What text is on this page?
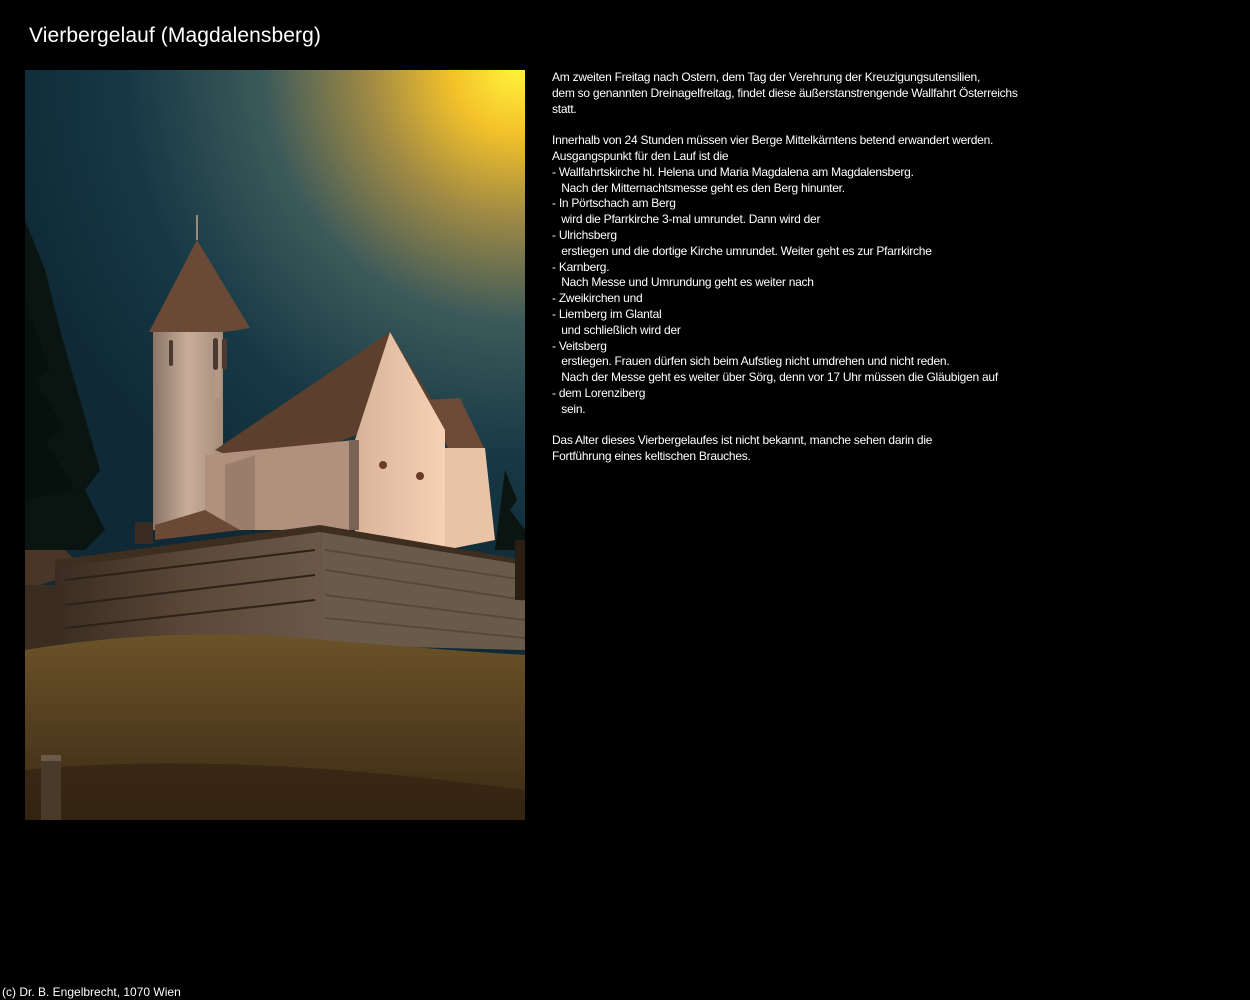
Vierbergelauf (Magdalensberg)

Am zweiten Freitag nach Ostern, dem Tag der Verehrung der Kreuzigungsutensilien,
dem so genannten Dreinagelfreitag, findet diese äußerstanstrengende Wallfahrt Österreichs
statt.

Innerhalb von 24 Stunden müssen vier Berge Mittelkärntens betend erwandert werden.
Ausgangspunkt für den Lauf ist die
- Wallfahrtskirche hl. Helena und Maria Magdalena am Magdalensberg.
Nach der Mitternachtsmesse geht es den Berg hinunter.
- In Pörtschach am Berg
wird die Pfarrkirche 3-mal umrundet. Dann wird der
- Ulrichsberg
erstiegen und die dortige Kirche umrundet. Weiter geht es zur Pfarrkirche
- Karnberg.
Nach Messe und Umrundung geht es weiter nach
- Zweikirchen und
- Liemberg im Glantal
und schließlich wird der
- Veitsberg
erstiegen. Frauen dürfen sich beim Aufstieg nicht umdrehen und nicht reden.
Nach der Messe geht es weiter über Sörg, denn vor 17 Uhr müssen die Gläubigen auf
- dem Lorenziberg
sein.

Das Alter dieses Vierbergelaufes ist nicht bekannt, manche sehen darin die
Fortführung eines keltischen Brauches.

(c) Dr. B. Engelbrecht, 1070 Wien
